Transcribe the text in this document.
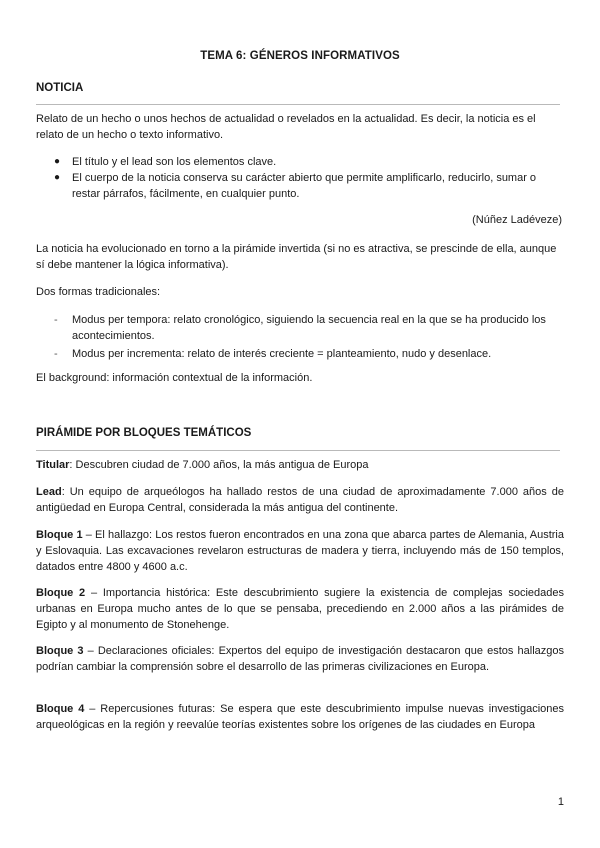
TEMA 6: GÉNEROS INFORMATIVOS
NOTICIA

Relato de un hecho o unos hechos de actualidad o revelados en la actualidad. Es decir, la noticia es el relato de un hecho o texto informativo.

● El título y el lead son los elementos clave.
● El cuerpo de la noticia conserva su carácter abierto que permite amplificarlo, reducirlo, sumar o restar párrafos, fácilmente, en cualquier punto.
(Núñez Ladéveze)

La noticia ha evolucionado en torno a la pirámide invertida (si no es atractiva, se prescinde de ella, aunque sí debe mantener la lógica informativa).

Dos formas tradicionales:

- Modus per tempora: relato cronológico, siguiendo la secuencia real en la que se ha producido los acontecimientos.
- Modus per incrementa: relato de interés creciente = planteamiento, nudo y desenlace.

El background: información contextual de la información.

PIRÁMIDE POR BLOQUES TEMÁTICOS

Titular: Descubren ciudad de 7.000 años, la más antigua de Europa

Lead: Un equipo de arqueólogos ha hallado restos de una ciudad de aproximadamente 7.000 años de antigüedad en Europa Central, considerada la más antigua del continente.

Bloque 1 – El hallazgo: Los restos fueron encontrados en una zona que abarca partes de Alemania, Austria y Eslovaquia. Las excavaciones revelaron estructuras de madera y tierra, incluyendo más de 150 templos, datados entre 4800 y 4600 a.c.

Bloque 2 – Importancia histórica: Este descubrimiento sugiere la existencia de complejas sociedades urbanas en Europa mucho antes de lo que se pensaba, precediendo en 2.000 años a las pirámides de Egipto y al monumento de Stonehenge.

Bloque 3 – Declaraciones oficiales: Expertos del equipo de investigación destacaron que estos hallazgos podrían cambiar la comprensión sobre el desarrollo de las primeras civilizaciones en Europa.

Bloque 4 – Repercusiones futuras: Se espera que este descubrimiento impulse nuevas investigaciones arqueológicas en la región y reevalúe teorías existentes sobre los orígenes de las ciudades en Europa

1
